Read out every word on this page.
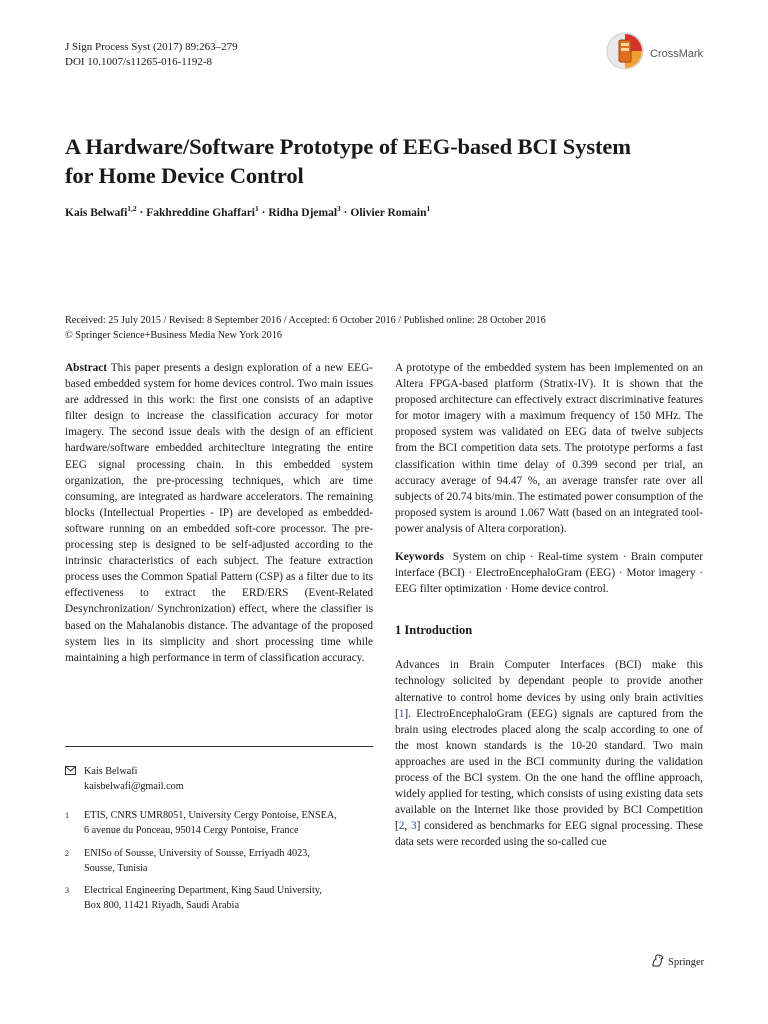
J Sign Process Syst (2017) 89:263–279
DOI 10.1007/s11265-016-1192-8
CrossMark
A Hardware/Software Prototype of EEG-based BCI System
for Home Device Control
Kais Belwafi$^{1,2}$ · Fakhreddine Ghaffari$^1$ · Ridha Djemal$^3$ · Olivier Romain$^1$
Received: 25 July 2015 / Revised: 8 September 2016 / Accepted: 6 October 2016 / Published online: 28 October 2016
© Springer Science+Business Media New York 2016

Abstract This paper presents a design exploration of a new EEG-based embedded system for home devices control. Two main issues are addressed in this work: the first one consists of an adaptive filter design to increase the classification accuracy for motor imagery. The second issue deals with the design of an efficient hardware/software embedded architeclture integrating the entire EEG signal processing chain. In this embedded system organization, the pre-processing techniques, which are time consuming, are integrated as hardware accelerators. The remaining blocks (Intellectual Properties - IP) are developed as embedded-software running on an embedded soft-core processor. The pre-processing step is designed to be self-adjusted according to the intrinsic characteristics of each subject. The feature extraction process uses the Common Spatial Pattern (CSP) as a filter due to its effectiveness to extract the ERD/ERS (Event-Related Desynchronization/ Synchronization) effect, where the classifier is based on the Mahalanobis distance. The advantage of the proposed system lies in its simplicity and short processing time while maintaining a high performance in term of classification accuracy.

A prototype of the embedded system has been implemented on an Altera FPGA-based platform (Stratix-IV). It is shown that the proposed architecture can effectively extract discriminative features for motor imagery with a maximum frequency of 150 MHz. The proposed system was validated on EEG data of twelve subjects from the BCI competition data sets. The prototype performs a fast classification within time delay of 0.399 second per trial, an accuracy average of 94.47 %, an average transfer rate over all subjects of 20.74 bits/min. The estimated power consumption of the proposed system is around 1.067 Watt (based on an integrated tool-power analysis of Altera corporation).

Keywords System on chip · Real-time system · Brain computer interface (BCI) · ElectroEncephaloGram (EEG) · Motor imagery · EEG filter optimization · Home device control.

1 Introduction

Advances in Brain Computer Interfaces (BCI) make this technology solicited by dependant people to provide another alternative to control home devices by using only brain activities [1]. ElectroEncephaloGram (EEG) signals are captured from the brain using electrodes placed along the scalp according to one of the most known standards is the 10-20 standard. Two main approaches are used in the BCI community during the validation process of the BCI system. On the one hand the offline approach, widely applied for testing, which consists of using existing data sets available on the Internet like those provided by BCI Competition [2, 3] considered as benchmarks for EEG signal processing. These data sets were recorded using the so-called cue

Kais Belwafi
kaisbelwafi@gmail.com
1 ETIS, CNRS UMR8051, University Cergy Pontoise, ENSEA,
6 avenue du Ponceau, 95014 Cergy Pontoise, France
2 ENISo of Sousse, University of Sousse, Erriyadh 4023,
Sousse, Tunisia
3 Electrical Engineering Department, King Saud University,
Box 800, 11421 Riyadh, Saudi Arabia
Springer
